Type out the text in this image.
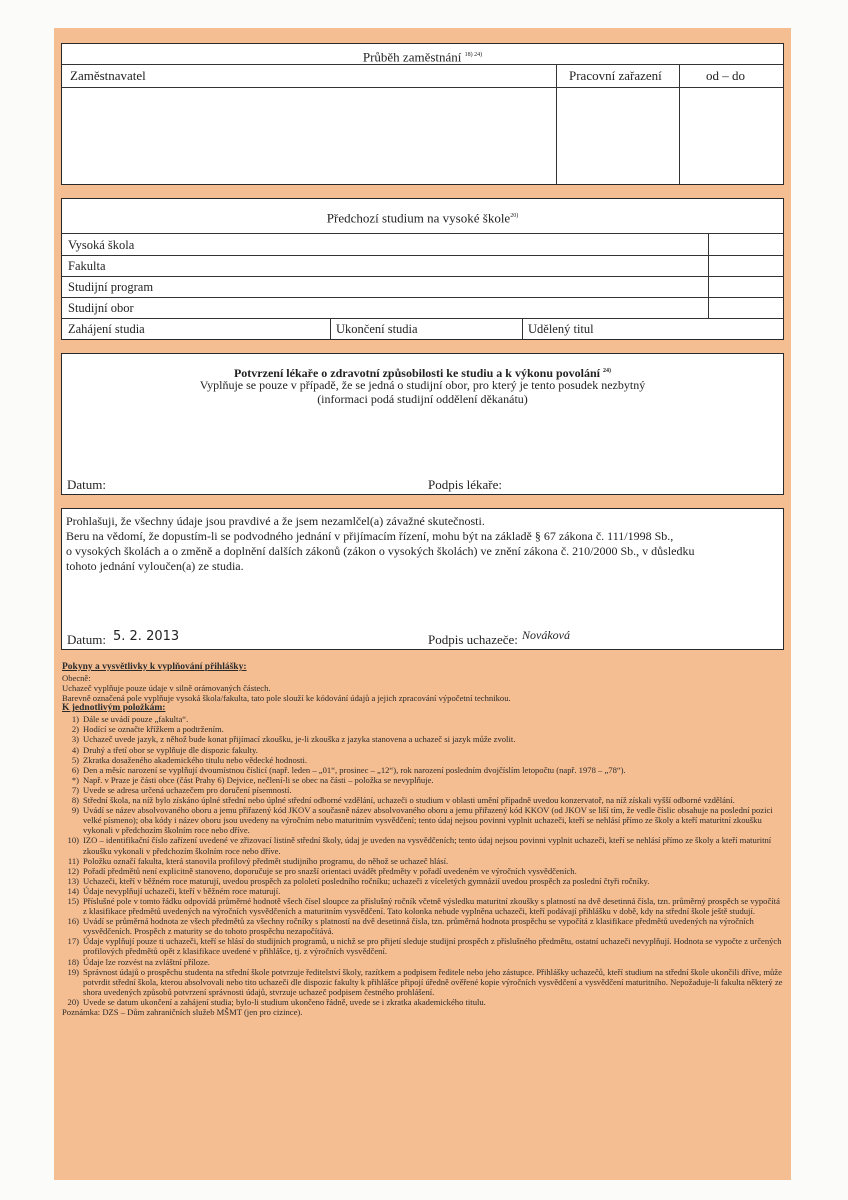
Průběh zaměstnání $^{18) 24)}$
Zaměstnavatel	Pracovní zařazení	od – do
Předchozí studium na vysoké škole$^{20)}$
Vysoká škola
Fakulta
Studijní program
Studijní obor
Zahájení studia	Ukončení studia	Udělený titul
Potvrzení lékaře o zdravotní způsobilosti ke studiu a k výkonu povolání $^{24)}$
Vyplňuje se pouze v případě, že se jedná o studijní obor, pro který je tento posudek nezbytný
(informaci podá studijní oddělení děkanátu)
Datum:	Podpis lékaře:
Prohlašuji, že všechny údaje jsou pravdivé a že jsem nezamlčel(a) závažné skutečnosti.
Beru na vědomí, že dopustím-li se podvodného jednání v přijímacím řízení, mohu být na základě § 67 zákona č. 111/1998 Sb.,
o vysokých školách a o změně a doplnění dalších zákonů (zákon o vysokých školách) ve znění zákona č. 210/2000 Sb., v důsledku
tohoto jednání vyloučen(a) ze studia.
Datum: 5. 2. 2013	Podpis uchazeče: Nováková
Pokyny a vysvětlivky k vyplňování přihlášky:
Obecně:
Uchazeč vyplňuje pouze údaje v silně orámovaných částech.
Barevně označená pole vyplňuje vysoká škola/fakulta, tato pole slouží ke kódování údajů a jejich zpracování výpočetní technikou.
K jednotlivým položkám:
1) Dále se uvádí pouze „fakulta“.
2) Hodící se označte křížkem a podtržením.
3) Uchazeč uvede jazyk, z něhož bude konat přijímací zkoušku, je-li zkouška z jazyka stanovena a uchazeč si jazyk může zvolit.
4) Druhý a třetí obor se vyplňuje dle dispozic fakulty.
5) Zkratka dosaženého akademického titulu nebo vědecké hodnosti.
6) Den a měsíc narození se vyplňují dvoumístnou číslicí (např. leden – „01“, prosinec – „12“), rok narození posledním dvojčíslím letopočtu (např. 1978 – „78“).
*) Např. v Praze je části obce (část Prahy 6) Dejvice, nečlení-li se obec na části – položka se nevyplňuje.
7) Uvede se adresa určená uchazečem pro doručení písemností.
8) Střední škola, na níž bylo získáno úplné střední nebo úplné střední odborné vzdělání, uchazeči o studium v oblasti umění případně uvedou konzervatoř, na níž získali vyšší odborné vzdělání.
9) Uvádí se název absolvovaného oboru a jemu přiřazený kód JKOV a současně název absolvovaného oboru a jemu přiřazený kód KKOV (od JKOV se liší tím, že vedle číslic obsahuje na poslední pozici velké písmeno); oba kódy i název oboru jsou uvedeny na výročním nebo maturitním vysvědčení; tento údaj nejsou povinni vyplnit uchazeči, kteří se nehlásí přímo ze školy a kteří maturitní zkoušku vykonali v předchozím školním roce nebo dříve.
10) IZO – identifikační číslo zařízení uvedené ve zřizovací listině střední školy, údaj je uveden na vysvědčeních; tento údaj nejsou povinni vyplnit uchazeči, kteří se nehlásí přímo ze školy a kteří maturitní zkoušku vykonali v předchozím školním roce nebo dříve.
11) Položku označí fakulta, která stanovila profilový předmět studijního programu, do něhož se uchazeč hlásí.
12) Pořadí předmětů není explicitně stanoveno, doporučuje se pro snazší orientaci uvádět předměty v pořadí uvedeném ve výročních vysvědčeních.
13) Uchazeči, kteří v běžném roce maturují, uvedou prospěch za pololetí posledního ročníku; uchazeči z víceletých gymnázií uvedou prospěch za poslední čtyři ročníky.
14) Údaje nevyplňují uchazeči, kteří v běžném roce maturují.
15) Příslušné pole v tomto řádku odpovídá průměrné hodnotě všech čísel sloupce za příslušný ročník včetně výsledku maturitní zkoušky s platností na dvě desetinná čísla, tzn. průměrný prospěch se vypočítá z klasifikace předmětů uvedených na výročních vysvědčeních a maturitním vysvědčení. Tato kolonka nebude vyplněna uchazeči, kteří podávají přihlášku v době, kdy na střední škole ještě studují.
16) Uvádí se průměrná hodnota ze všech předmětů za všechny ročníky s platností na dvě desetinná čísla, tzn. průměrná hodnota prospěchu se vypočítá z klasifikace předmětů uvedených na výročních vysvědčeních. Prospěch z maturity se do tohoto prospěchu nezapočítává.
17) Údaje vyplňují pouze ti uchazeči, kteří se hlásí do studijních programů, u nichž se pro přijetí sleduje studijní prospěch z příslušného předmětu, ostatní uchazeči nevyplňují. Hodnota se vypočte z určených profilových předmětů opět z klasifikace uvedené v přihlášce, tj. z výročních vysvědčení.
18) Údaje lze rozvést na zvláštní příloze.
19) Správnost údajů o prospěchu studenta na střední škole potvrzuje ředitelství školy, razítkem a podpisem ředitele nebo jeho zástupce. Přihlášky uchazečů, kteří studium na střední škole ukončili dříve, může potvrdit střední škola, kterou absolvovali nebo tito uchazeči dle dispozic fakulty k přihlášce připojí úředně ověřené kopie výročních vysvědčení a vysvědčení maturitního. Nepožaduje-li fakulta některý ze shora uvedených způsobů potvrzení správnosti údajů, stvrzuje uchazeč podpisem čestného prohlášení.
20) Uvede se datum ukončení a zahájení studia; bylo-li studium ukončeno řádně, uvede se i zkratka akademického titulu.
Poznámka: DZS – Dům zahraničních služeb MŠMT (jen pro cizince).
